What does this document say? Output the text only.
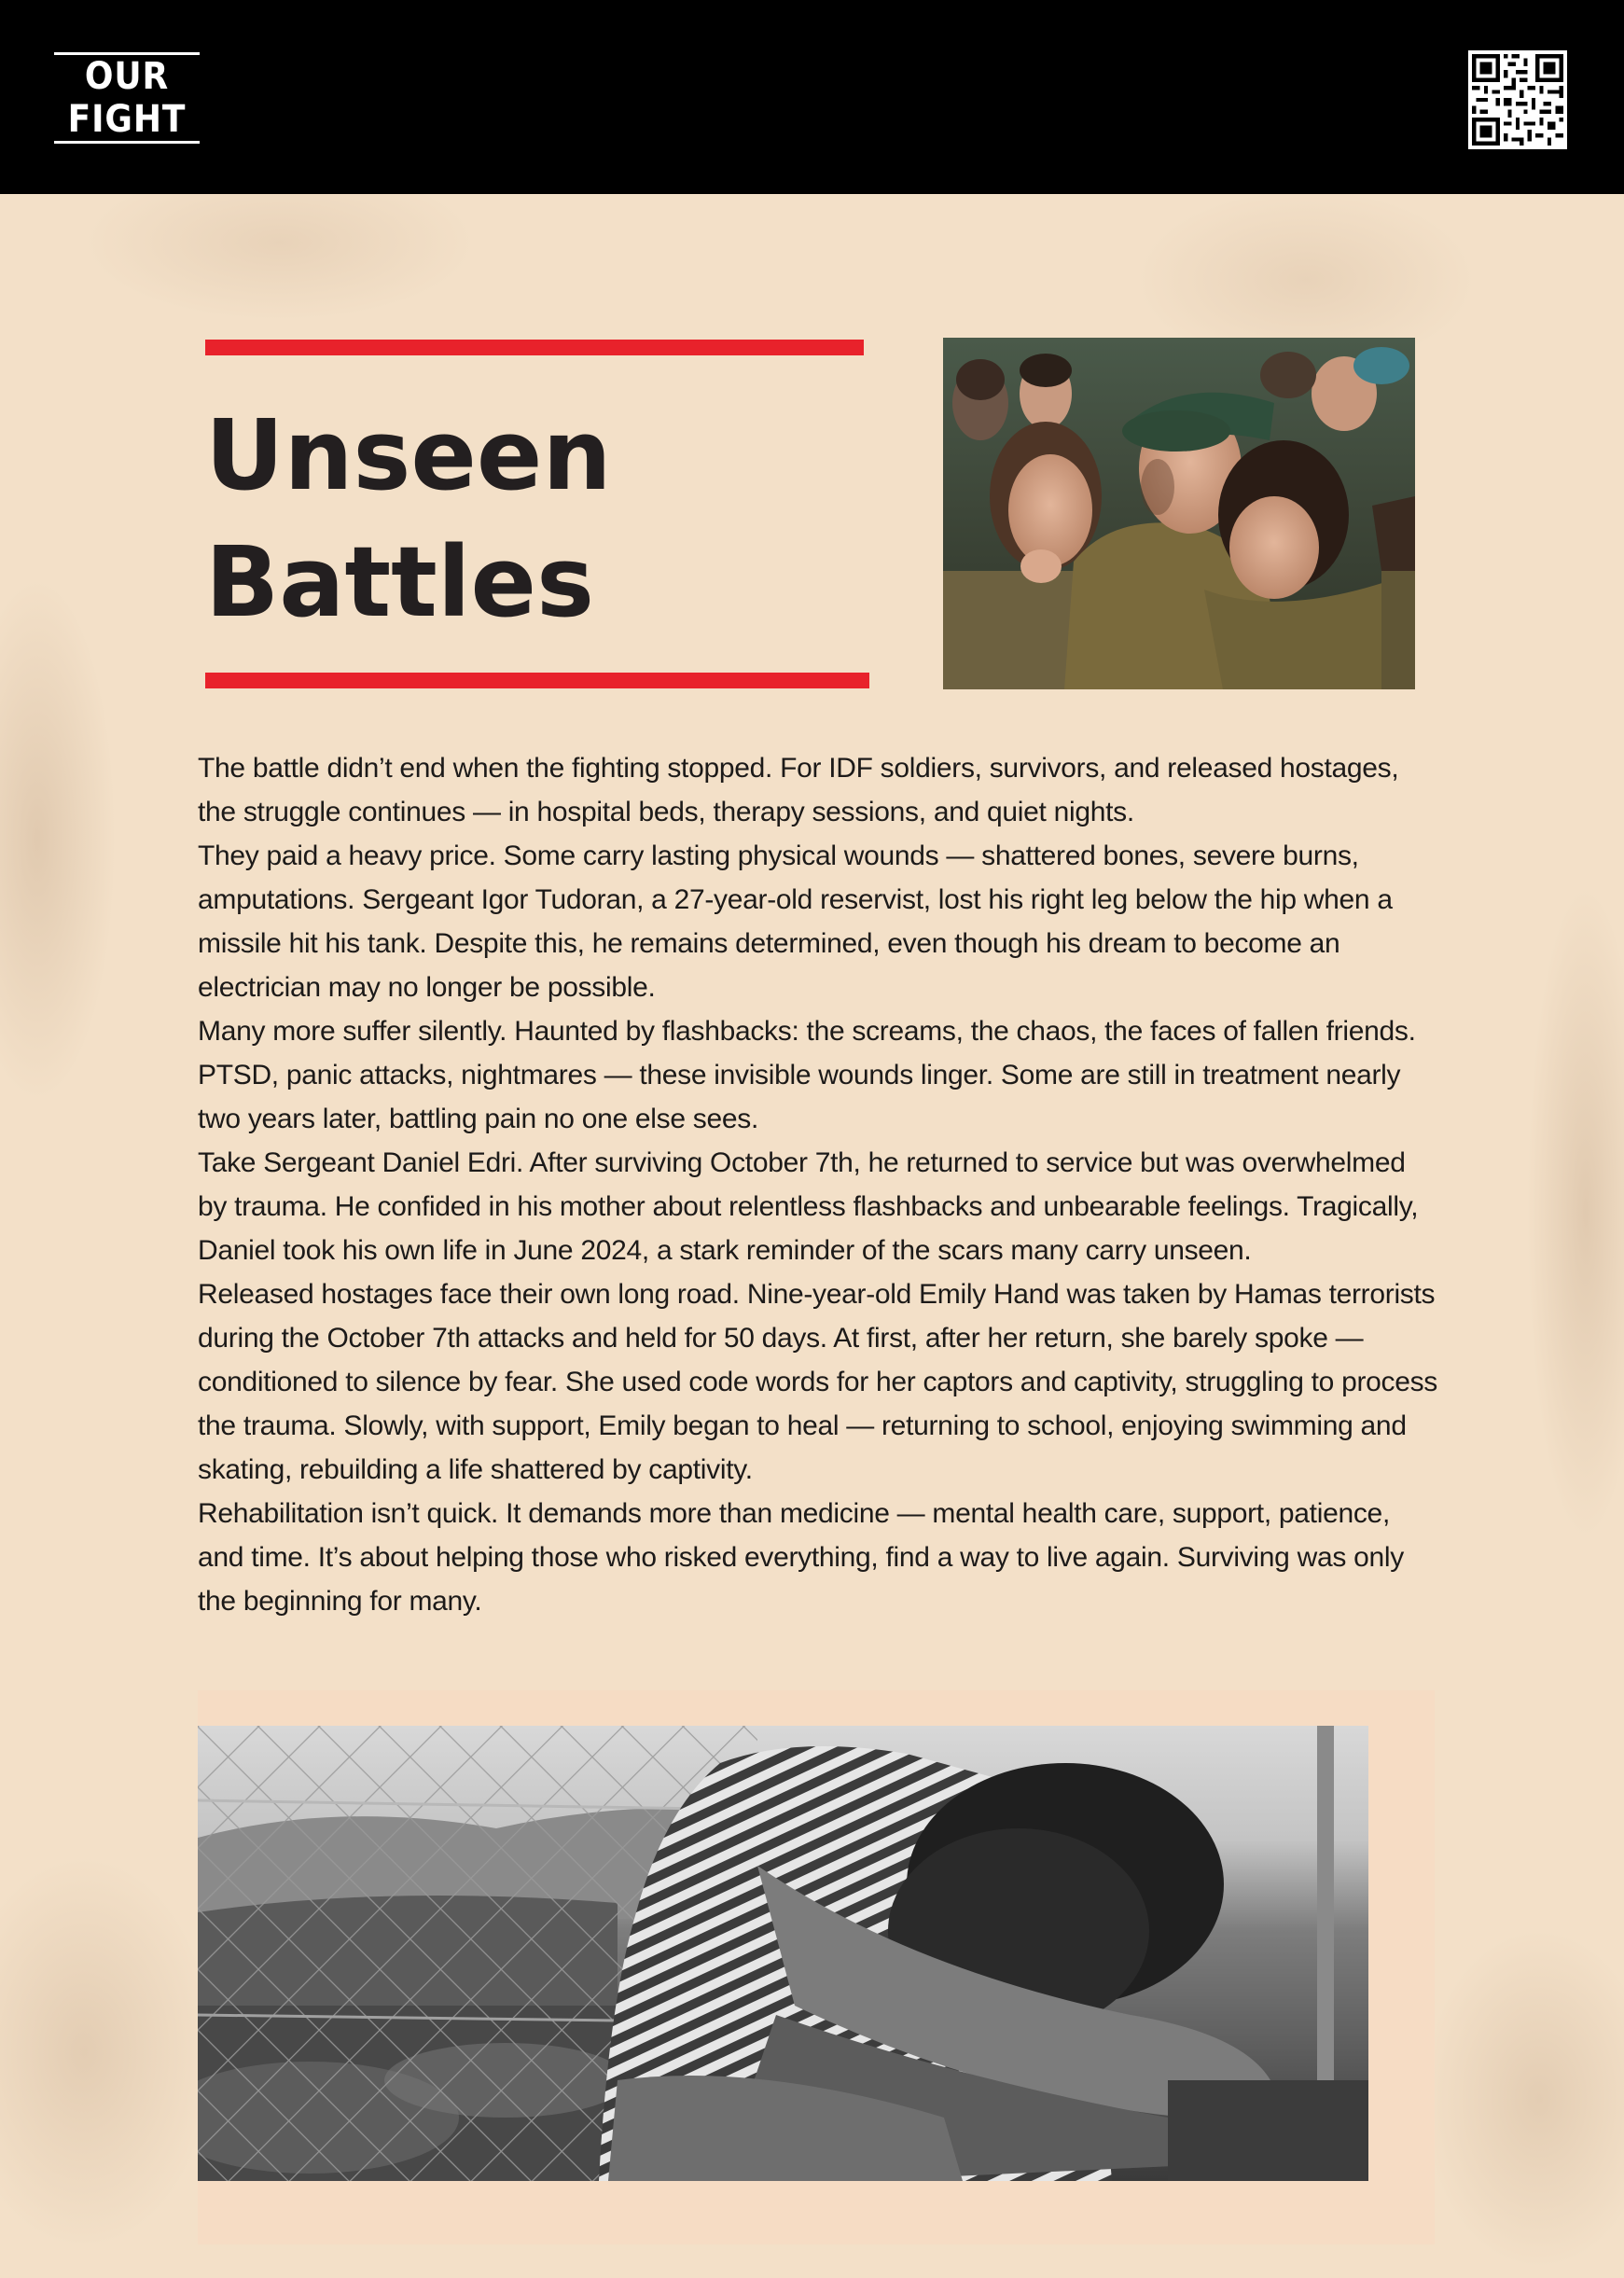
OUR
FIGHT
Unseen
Battles

The battle didn’t end when the fighting stopped. For IDF soldiers, survivors, and released hostages, the struggle continues — in hospital beds, therapy sessions, and quiet nights.

They paid a heavy price. Some carry lasting physical wounds — shattered bones, severe burns, amputations. Sergeant Igor Tudoran, a 27-year-old reservist, lost his right leg below the hip when a missile hit his tank. Despite this, he remains determined, even though his dream to become an electrician may no longer be possible.

Many more suffer silently. Haunted by flashbacks: the screams, the chaos, the faces of fallen friends. PTSD, panic attacks, nightmares — these invisible wounds linger. Some are still in treatment nearly two years later, battling pain no one else sees.

Take Sergeant Daniel Edri. After surviving October 7th, he returned to service but was overwhelmed by trauma. He confided in his mother about relentless flashbacks and unbearable feelings. Tragically, Daniel took his own life in June 2024, a stark reminder of the scars many carry unseen.

Released hostages face their own long road. Nine-year-old Emily Hand was taken by Hamas terrorists during the October 7th attacks and held for 50 days. At first, after her return, she barely spoke — conditioned to silence by fear. She used code words for her captors and captivity, struggling to process the trauma. Slowly, with support, Emily began to heal — returning to school, enjoying swimming and skating, rebuilding a life shattered by captivity.

Rehabilitation isn’t quick. It demands more than medicine — mental health care, support, patience, and time. It’s about helping those who risked everything, find a way to live again. Surviving was only the beginning for many.
